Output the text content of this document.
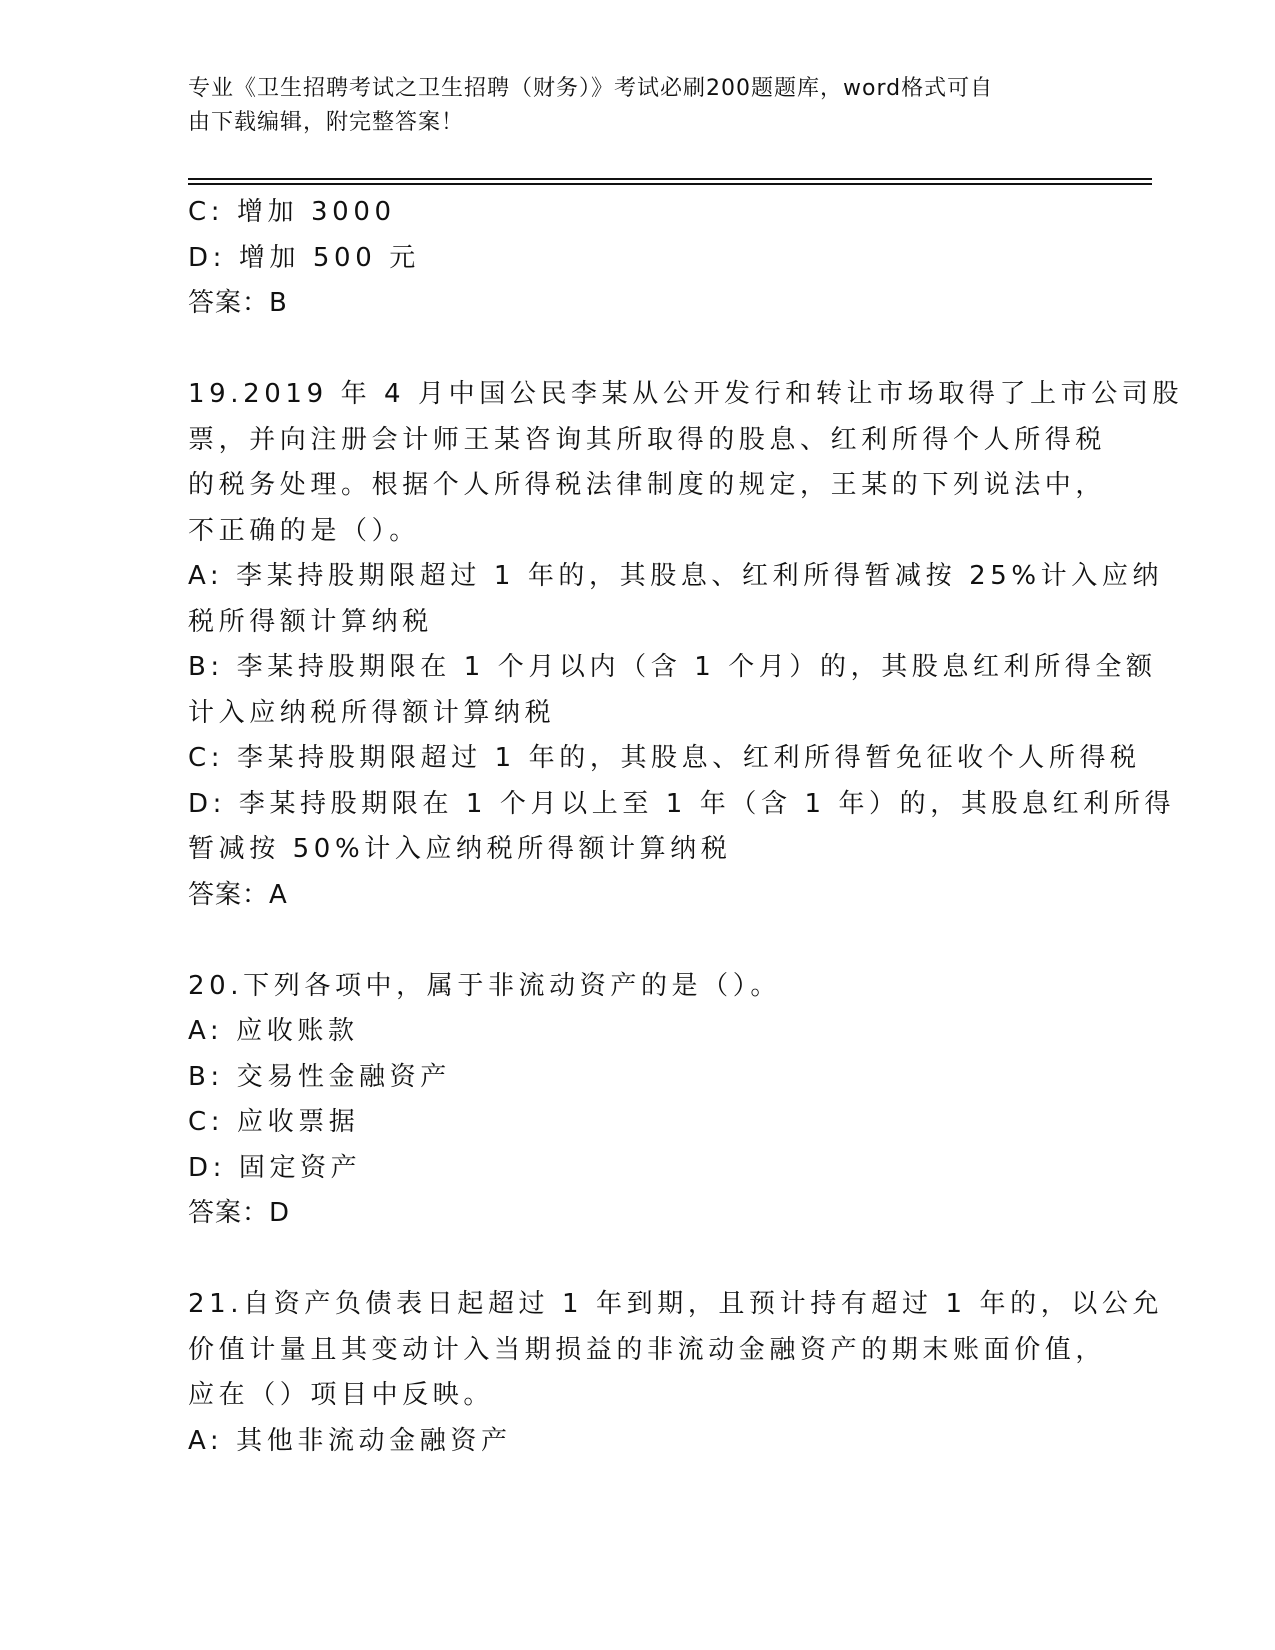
专业《卫生招聘考试之卫生招聘（财务）》考试必刷200题题库，word格式可自
由下载编辑，附完整答案！
C: 增加 3000
D: 增加 500 元
答案：B
19.2019 年 4 月中国公民李某从公开发行和转让市场取得了上市公司股
票，并向注册会计师王某咨询其所取得的股息、红利所得个人所得税
的税务处理。根据个人所得税法律制度的规定，王某的下列说法中，
不正确的是（）。
A: 李某持股期限超过 1 年的，其股息、红利所得暂减按 25%计入应纳
税所得额计算纳税
B: 李某持股期限在 1 个月以内（含 1 个月）的，其股息红利所得全额
计入应纳税所得额计算纳税
C: 李某持股期限超过 1 年的，其股息、红利所得暂免征收个人所得税
D: 李某持股期限在 1 个月以上至 1 年（含 1 年）的，其股息红利所得
暂减按 50%计入应纳税所得额计算纳税
答案：A
20.下列各项中，属于非流动资产的是（）。
A: 应收账款
B: 交易性金融资产
C: 应收票据
D: 固定资产
答案：D
21.自资产负债表日起超过 1 年到期，且预计持有超过 1 年的，以公允
价值计量且其变动计入当期损益的非流动金融资产的期末账面价值，
应在（）项目中反映。
A: 其他非流动金融资产
